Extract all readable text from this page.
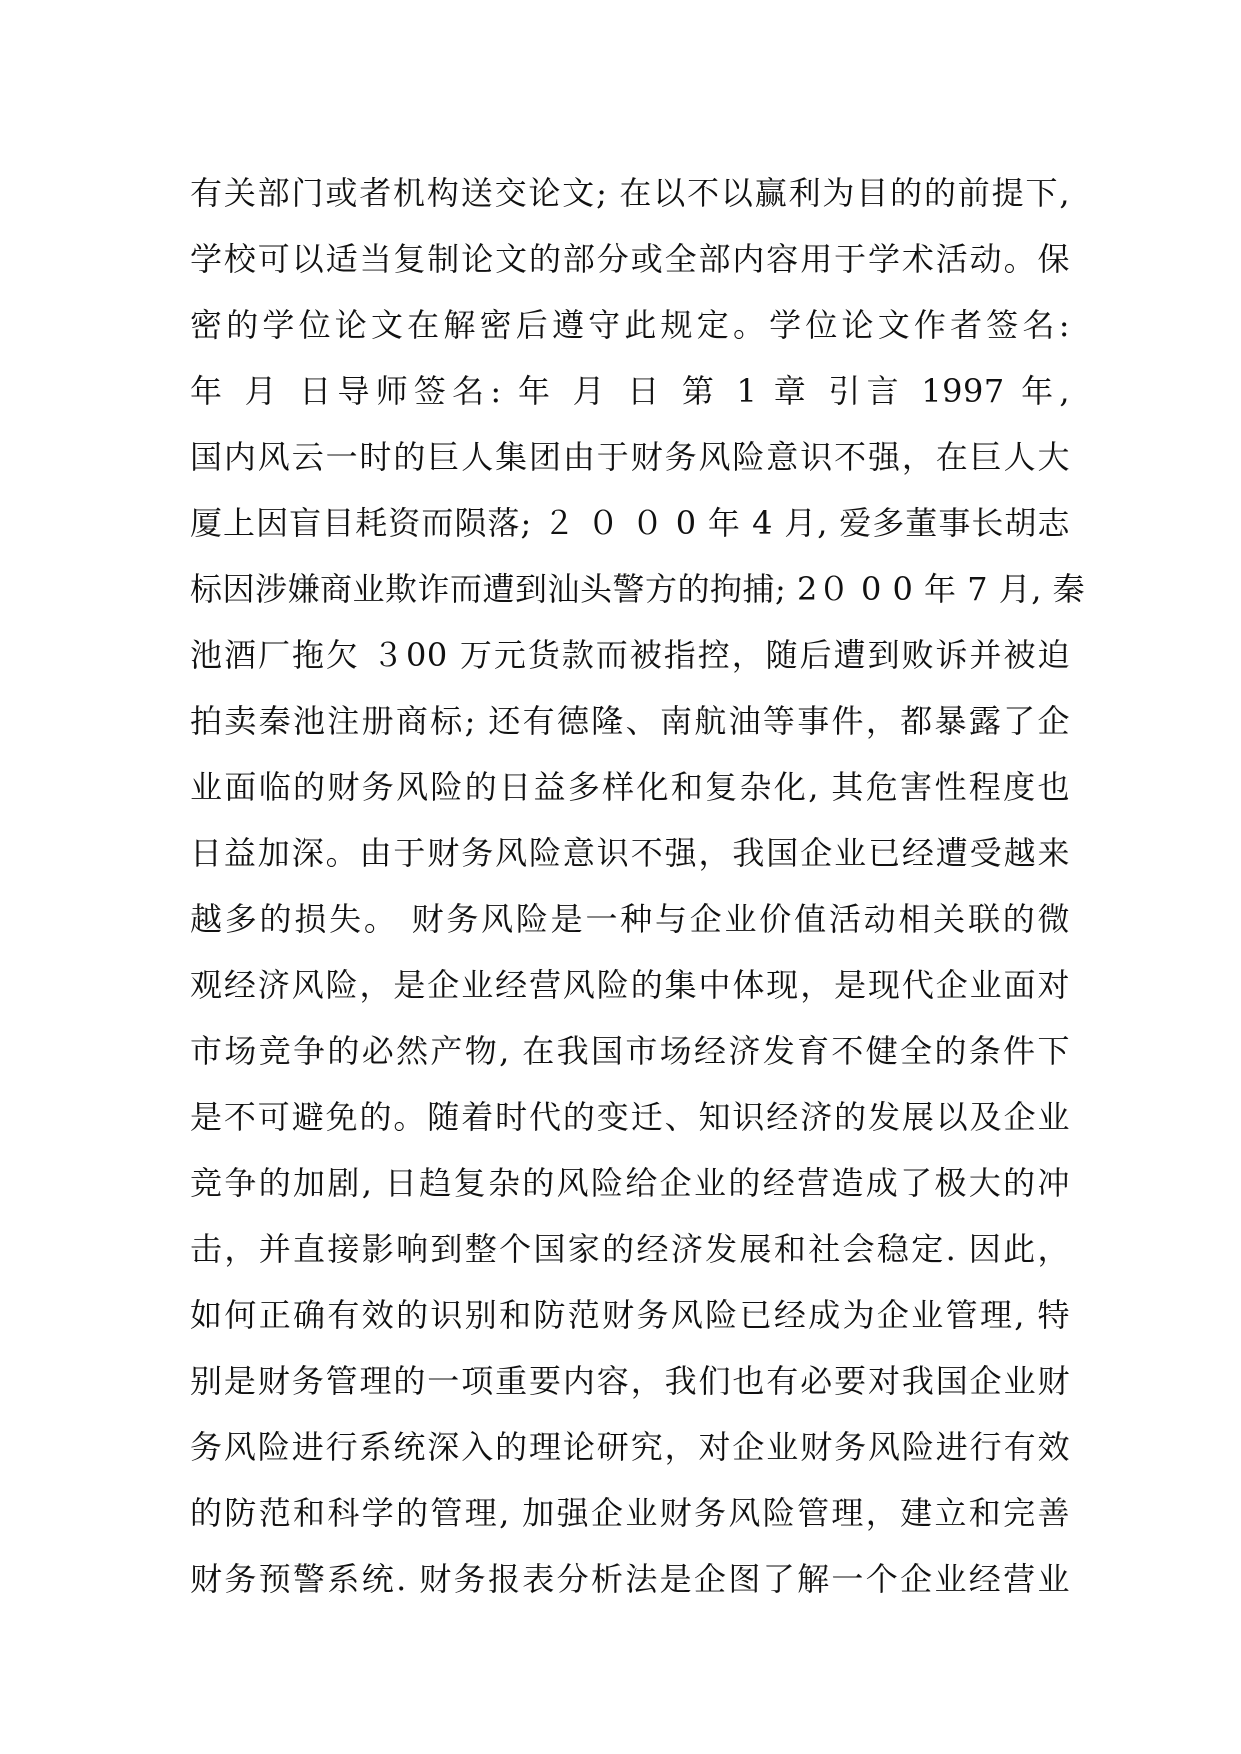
有关部门或者机构送交论文; 在以不以赢利为目的的前提下,
学校可以适当复制论文的部分或全部内容用于学术活动。保
密的学位论文在解密后遵守此规定。学位论文作者签名:
年 月 日导师签名: 年 月 日 第 1 章 引言 1997 年,
国内风云一时的巨人集团由于财务风险意识不强，在巨人大
厦上因盲目耗资而陨落; ２ ０ ０ 0 年 4 月, 爱多董事长胡志
标因涉嫌商业欺诈而遭到汕头警方的拘捕; 2０ 0 0 年 7 月, 秦
池酒厂拖欠 ３00 万元货款而被指控，随后遭到败诉并被迫
拍卖秦池注册商标; 还有德隆、南航油等事件，都暴露了企
业面临的财务风险的日益多样化和复杂化, 其危害性程度也
日益加深。由于财务风险意识不强，我国企业已经遭受越来
越多的损失。 财务风险是一种与企业价值活动相关联的微
观经济风险，是企业经营风险的集中体现，是现代企业面对
市场竞争的必然产物, 在我国市场经济发育不健全的条件下
是不可避免的。随着时代的变迁、知识经济的发展以及企业
竞争的加剧, 日趋复杂的风险给企业的经营造成了极大的冲
击，并直接影响到整个国家的经济发展和社会稳定. 因此，
如何正确有效的识别和防范财务风险已经成为企业管理, 特
别是财务管理的一项重要内容，我们也有必要对我国企业财
务风险进行系统深入的理论研究，对企业财务风险进行有效
的防范和科学的管理, 加强企业财务风险管理，建立和完善
财务预警系统. 财务报表分析法是企图了解一个企业经营业
